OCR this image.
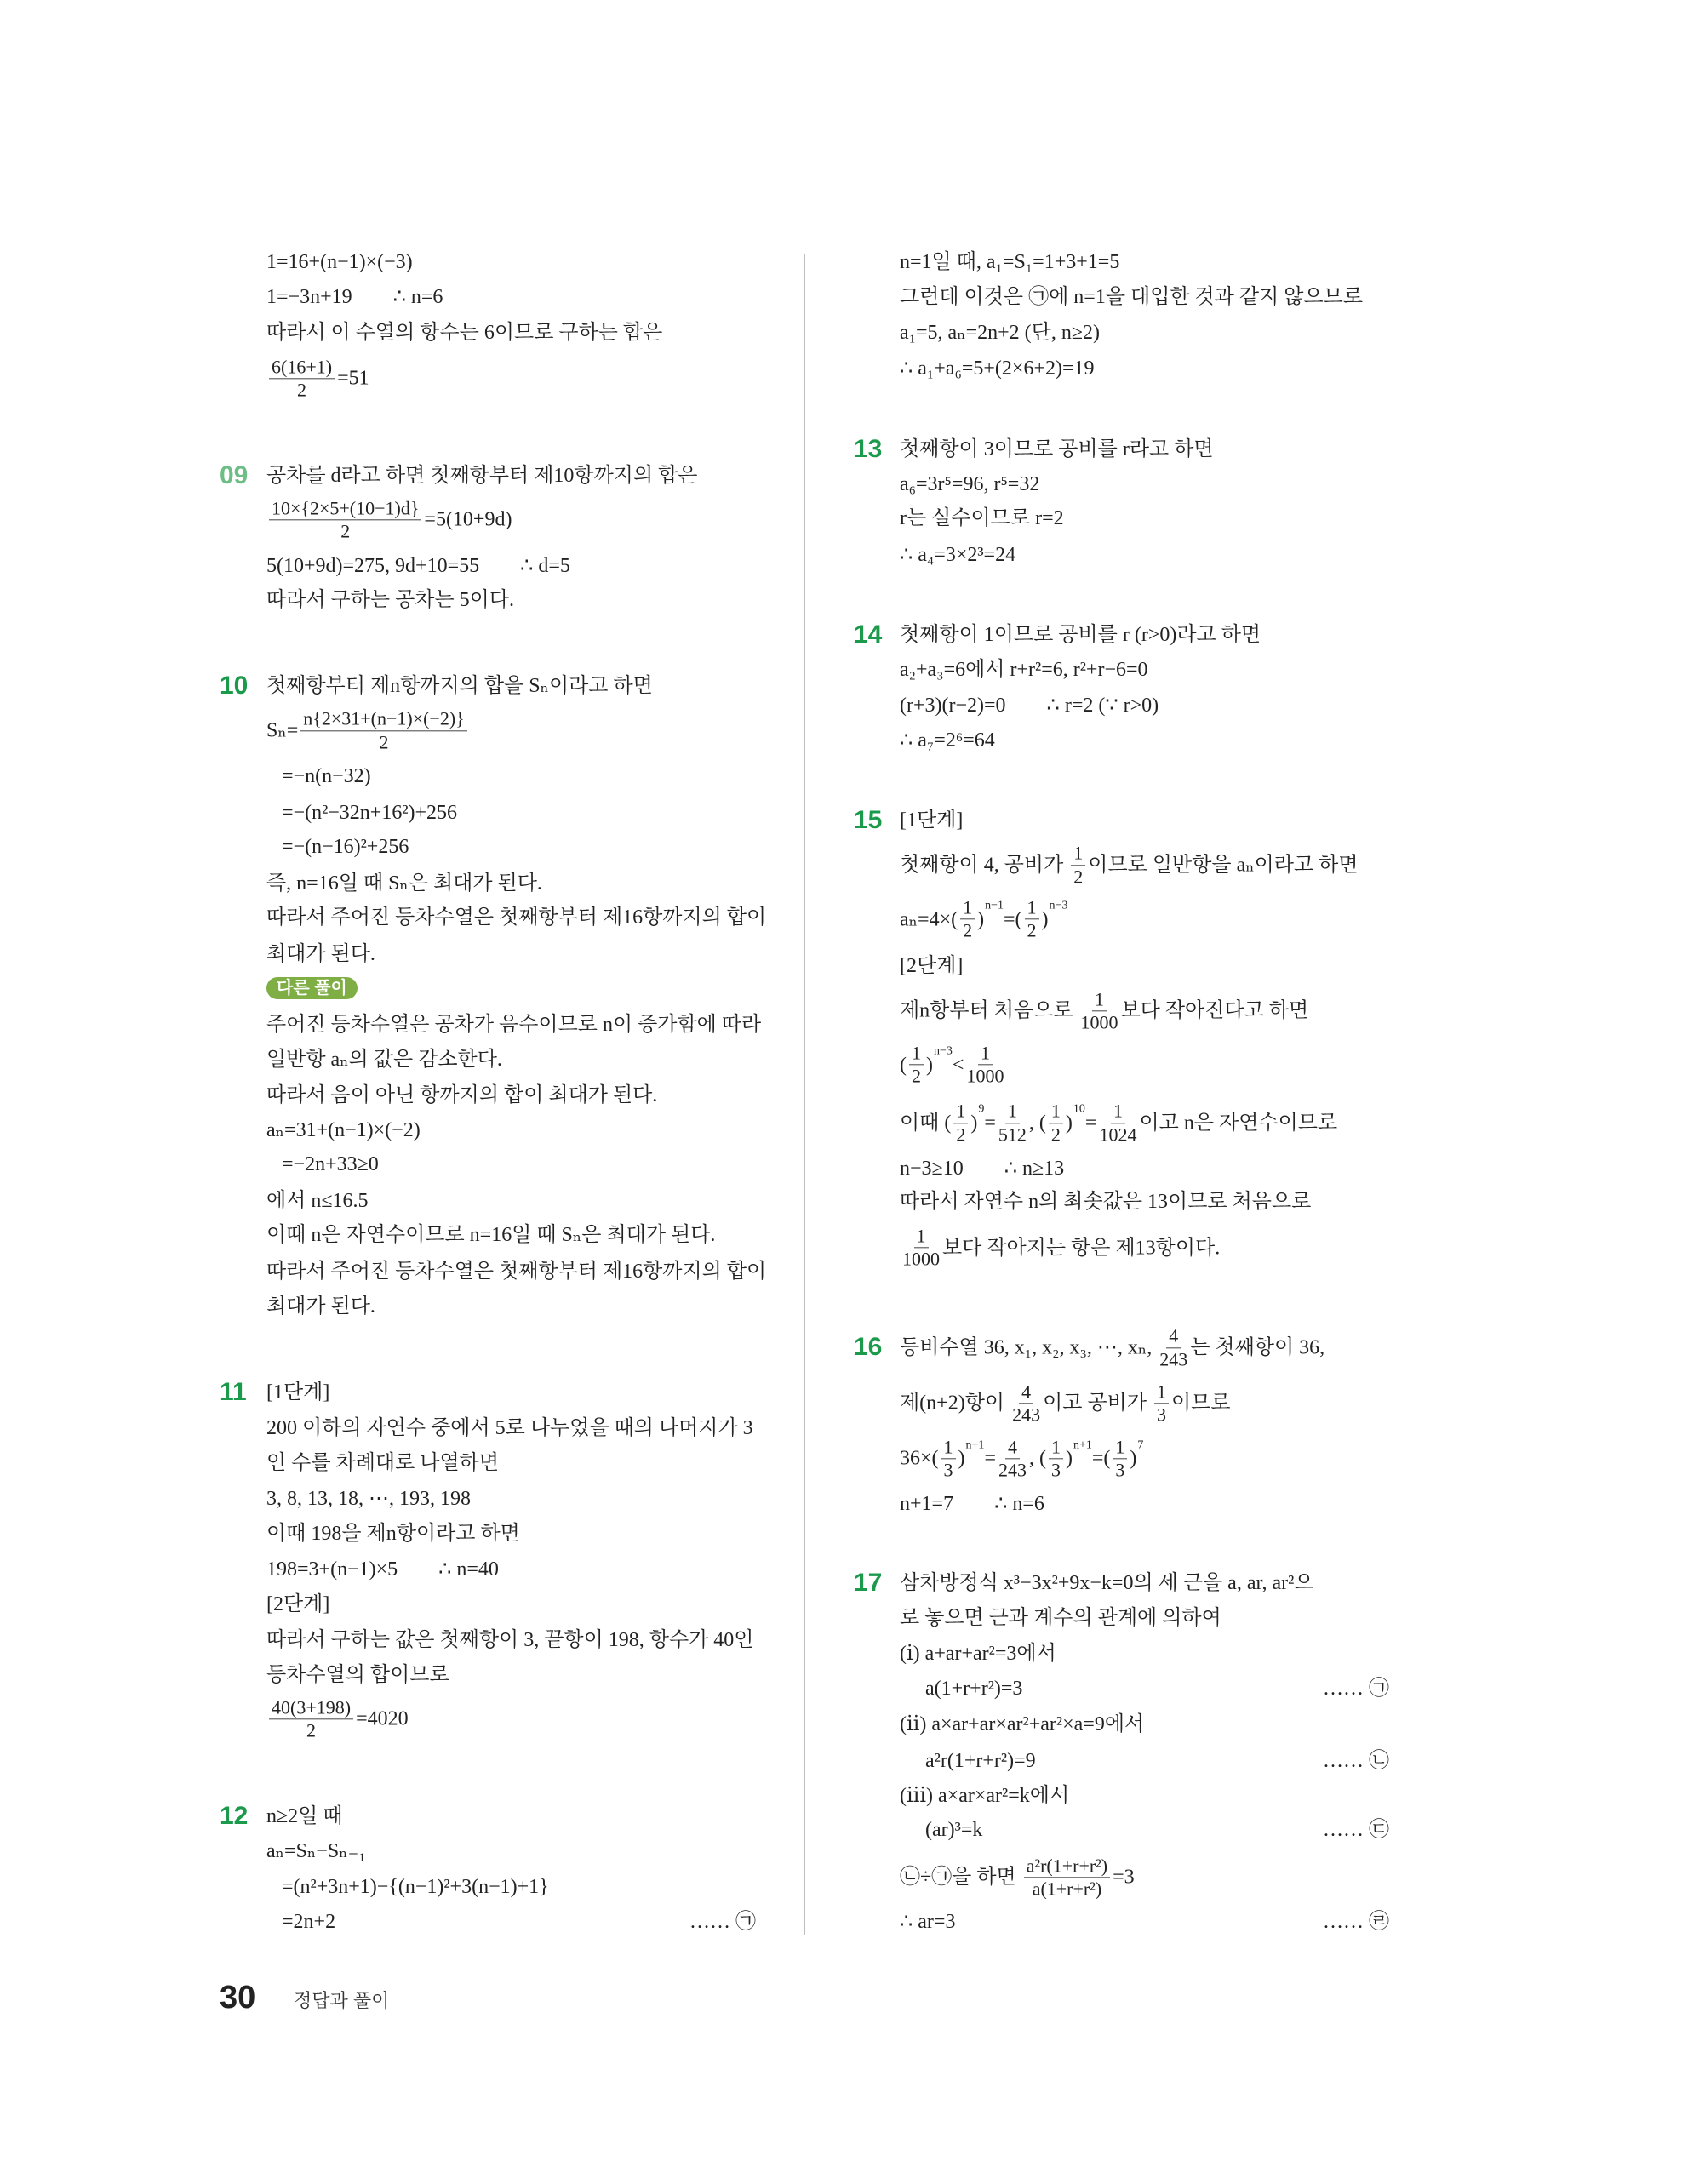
1=16+(n−1)×(−3)
1=−3n+19        ∴ n=6
따라서 이 수열의 항수는 6이므로 구하는 합은
$\frac{6(16+1)}{2} =51$
09 공차를 d라고 하면 첫째항부터 제10항까지의 합은
$\frac{10\times\{2\times 5+(10-1)d\}}{2} =5(10+9d)$
5(10+9d)=275, 9d+10=55        ∴ d=5
따라서 구하는 공차는 5이다.
10 첫째항부터 제n항까지의 합을 Sₙ이라고 하면
$S_n= \frac{n\{2\times 31+(n-1)\times(-2)\}}{2}$
=−n(n−32)
=−(n²−32n+16²)+256
=−(n−16)²+256
즉, n=16일 때 Sₙ은 최대가 된다.
따라서 주어진 등차수열은 첫째항부터 제16항까지의 합이
최대가 된다.
다른 풀이
주어진 등차수열은 공차가 음수이므로 n이 증가함에 따라
일반항 aₙ의 값은 감소한다.
따라서 음이 아닌 항까지의 합이 최대가 된다.
aₙ=31+(n−1)×(−2)
=−2n+33≥0
에서 n≤16.5
이때 n은 자연수이므로 n=16일 때 Sₙ은 최대가 된다.
따라서 주어진 등차수열은 첫째항부터 제16항까지의 합이
최대가 된다.
11 [1단계]
200 이하의 자연수 중에서 5로 나누었을 때의 나머지가 3
인 수를 차례대로 나열하면
3, 8, 13, 18, ⋯, 193, 198
이때 198을 제n항이라고 하면
198=3+(n−1)×5        ∴ n=40
[2단계]
따라서 구하는 값은 첫째항이 3, 끝항이 198, 항수가 40인
등차수열의 합이므로
$\frac{40(3+198)}{2} =4020$
12 n≥2일 때
aₙ=Sₙ−Sₙ₋₁
=(n²+3n+1)−{(n−1)²+3(n−1)+1}
=2n+2	…… ㉠
n=1일 때, a₁=S₁=1+3+1=5
그런데 이것은 ㉠에 n=1을 대입한 것과 같지 않으므로
a₁=5, aₙ=2n+2 (단, n≥2)
∴ a₁+a₆=5+(2×6+2)=19
13 첫째항이 3이므로 공비를 r라고 하면
a₆=3r⁵=96, r⁵=32
r는 실수이므로 r=2
∴ a₄=3×2³=24
14 첫째항이 1이므로 공비를 r (r>0)라고 하면
a₂+a₃=6에서 r+r²=6, r²+r−6=0
(r+3)(r−2)=0        ∴ r=2 (∵ r>0)
∴ a₇=2⁶=64
15 [1단계]
첫째항이 4, 공비가 $\frac{1}{2}$ 이므로 일반항을 aₙ이라고 하면
$a_n=4\times( \frac{1}{2}$ )
n−1
=( $\frac{1}{2}$ )
n−3
[2단계]
제n항부터 처음으로 $\frac{1}{1000}$ 보다 작아진다고 하면
( $\frac{1}{2}$ )
n−3
< $\frac{1}{1000}$
이때 ( $\frac{1}{2}$ )
9
= $\frac{1}{512}$ , ( $\frac{1}{2}$ )
10
= $\frac{1}{1024}$ 이고 n은 자연수이므로
n−3≥10        ∴ n≥13
따라서 자연수 n의 최솟값은 13이므로 처음으로
$\frac{1}{1000}$ 보다 작아지는 항은 제13항이다.
16 등비수열 36, x₁, x₂, x₃, ⋯, xₙ, $\frac{4}{243}$ 는 첫째항이 36,
제(n+2)항이 $\frac{4}{243}$ 이고 공비가 $\frac{1}{3}$ 이므로
$36\times( \frac{1}{3}$ )
n+1
= $\frac{4}{243}$ , ( $\frac{1}{3}$ )
n+1
=( $\frac{1}{3}$ )
7
n+1=7        ∴ n=6
17 삼차방정식 x³−3x²+9x−k=0의 세 근을 a, ar, ar²으
로 놓으면 근과 계수의 관계에 의하여
(ⅰ) a+ar+ar²=3에서
a(1+r+r²)=3	…… ㉠
(ⅱ) a×ar+ar×ar²+ar²×a=9에서
a²r(1+r+r²)=9	…… ㉡
(ⅲ) a×ar×ar²=k에서
(ar)³=k	…… ㉢
㉡÷㉠을 하면 $\frac{\text{a²r(1+r+r²)}}{\text{a(1+r+r²)}} =3$
∴ ar=3	…… ㉣
30 정답과 풀이
